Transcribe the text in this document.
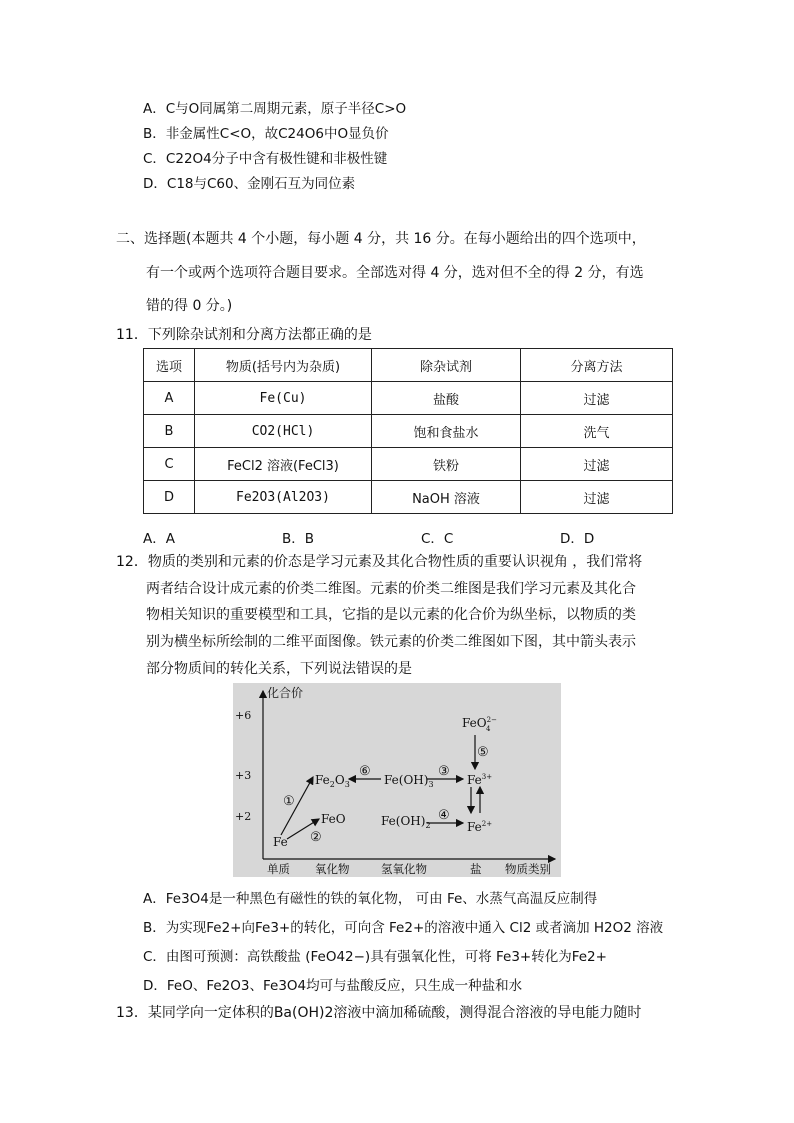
A．C与O同属第二周期元素，原子半径C>O
B．非金属性C<O，故C24O6中O显负价
C．C22O4分子中含有极性键和非极性键
D．C18与C60、金刚石互为同位素
二、选择题(本题共 4 个小题，每小题 4 分，共 16 分。在每小题给出的四个选项中，
有一个或两个选项符合题目要求。全部选对得 4 分，选对但不全的得 2 分，有选
错的得 0 分。)
11．下列除杂试剂和分离方法都正确的是
选项	物质(括号内为杂质)	除杂试剂	分离方法
A	Fe(Cu)	盐酸	过滤
B	CO2(HCl)	饱和食盐水	洗气
C	FeCl2 溶液(FeCl3)	铁粉	过滤
D	Fe2O3(Al2O3)	NaOH 溶液	过滤
A．A	B．B	C．C	D．D
12．物质的类别和元素的价态是学习元素及其化合物性质的重要认识视角 ，我们常将
两者结合设计成元素的价类二维图。元素的价类二维图是我们学习元素及其化合
物相关知识的重要模型和工具，它指的是以元素的化合价为纵坐标，以物质的类
别为横坐标所绘制的二维平面图像。铁元素的价类二维图如下图，其中箭头表示
部分物质间的转化关系，下列说法错误的是
化合价
+6
+3
+2
单质 氧化物	氢氧化物	盐 物质类别
Fe
FeO
$Fe_2O_3$	$Fe(OH)_3$
$Fe(OH)_2$
$Fe^{3+}$
$Fe^{2+}$
FeO$^{2-}$ 4
①
②
③
④
⑤
⑥
A．Fe3O4是一种黑色有磁性的铁的氧化物， 可由 Fe、水蒸气高温反应制得
B．为实现Fe2+向Fe3+的转化，可向含 Fe2+的溶液中通入 Cl2 或者滴加 H2O2 溶液
C．由图可预测：高铁酸盐 (FeO42−)具有强氧化性，可将 Fe3+转化为Fe2+
D．FeO、Fe2O3、Fe3O4均可与盐酸反应，只生成一种盐和水
13．某同学向一定体积的Ba(OH)2溶液中滴加稀硫酸，测得混合溶液的导电能力随时
